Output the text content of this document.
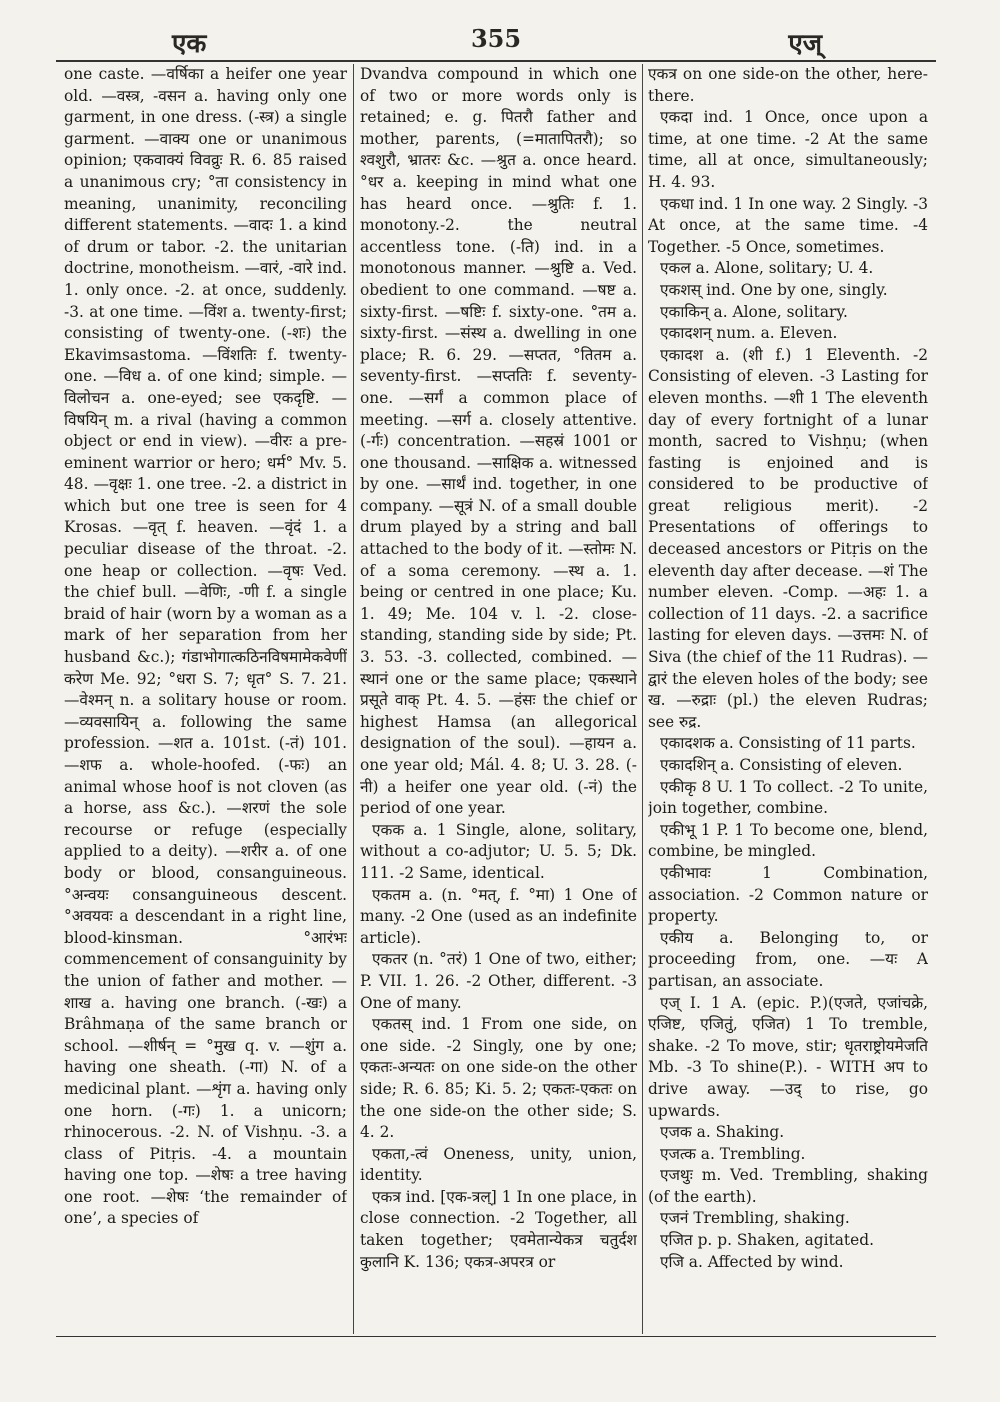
एक	355	एज्

one caste. —वर्षिका a heifer one year old. —वस्त्र, -वसन a. having only one garment, in one dress. (-स्त्र) a single garment. —वाक्य one or unanimous opinion; एकवाक्यं विवव्रुः R. 6. 85 raised a unanimous cry; °ता consistency in meaning, unanimity, reconciling different statements. —वादः 1. a kind of drum or tabor. -2. the unitarian doctrine, monotheism. —वारं, -वारे ind. 1. only once. -2. at once, suddenly. -3. at one time. —विंश a. twenty-first; consisting of twenty-one. (-शः) the Ekavimsastoma. —विंशतिः f. twenty-one. —विध a. of one kind; simple. —विलोचन a. one-eyed; see एकदृष्टि. —विषयिन् m. a rival (having a common object or end in view). —वीरः a pre-eminent warrior or hero; धर्म° Mv. 5. 48. —वृक्षः 1. one tree. -2. a district in which but one tree is seen for 4 Krosas. —वृत् f. heaven. —वृंदं 1. a peculiar disease of the throat. -2. one heap or collection. —वृषः Ved. the chief bull. —वेणिः, -णी f. a single braid of hair (worn by a woman as a mark of her separation from her husband &c.); गंडाभोगात्कठिनविषमामेकवेणीं करेण Me. 92; °धरा S. 7; धृत° S. 7. 21. —वेश्मन् n. a solitary house or room. —व्यवसायिन् a. following the same profession. —शत a. 101st. (-तं) 101. —शफ a. whole-hoofed. (-फः) an animal whose hoof is not cloven (as a horse, ass &c.). —शरणं the sole recourse or refuge (especially applied to a deity). —शरीर a. of one body or blood, consanguineous. °अन्वयः consanguineous descent. °अवयवः a descendant in a right line, blood-kinsman. °आरंभः commencement of consanguinity by the union of father and mother. —शाख a. having one branch. (-खः) a Brâhmaṇa of the same branch or school. —शीर्षन् = °मुख q. v. —शुंग a. having one sheath. (-गा) N. of a medicinal plant. —शृंग a. having only one horn. (-गः) 1. a unicorn; rhinocerous. -2. N. of Vishṇu. -3. a class of Pitṛis. -4. a mountain having one top. —शेषः a tree having one root. —शेषः ‘the remainder of one’, a species of

Dvandva compound in which one of two or more words only is retained; e. g. पितरौ father and mother, parents, (=मातापितरौ); so श्वशुरौ, भ्रातरः &c. —श्रुत a. once heard. °धर a. keeping in mind what one has heard once. —श्रुतिः f. 1. monotony.-2. the neutral accentless tone. (-ति) ind. in a monotonous manner. —श्रुष्टि a. Ved. obedient to one command. —षष्ट a. sixty-first. —षष्टिः f. sixty-one. °तम a. sixty-first. —संस्थ a. dwelling in one place; R. 6. 29. —सप्तत, °तितम a. seventy-first. —सप्ततिः f. seventy-one. —सर्गं a common place of meeting. —सर्ग a. closely attentive. (-र्गः) concentration. —सहस्रं 1001 or one thousand. —साक्षिक a. witnessed by one. —सार्थं ind. together, in one company. —सूत्रं N. of a small double drum played by a string and ball attached to the body of it. —स्तोमः N. of a soma ceremony. —स्थ a. 1. being or centred in one place; Ku. 1. 49; Me. 104 v. l. -2. close-standing, standing side by side; Pt. 3. 53. -3. collected, combined. —स्थानं one or the same place; एकस्थाने प्रसूते वाक् Pt. 4. 5. —हंसः the chief or highest Hamsa (an allegorical designation of the soul). —हायन a. one year old; Mál. 4. 8; U. 3. 28. (-नी) a heifer one year old. (-नं) the period of one year.

एकक a. 1 Single, alone, solitary, without a co-adjutor; U. 5. 5; Dk. 111. -2 Same, identical.

एकतम a. (n. °मत्, f. °मा) 1 One of many. -2 One (used as an indefinite article).

एकतर (n. °तरं) 1 One of two, either; P. VII. 1. 26. -2 Other, different. -3 One of many.

एकतस् ind. 1 From one side, on one side. -2 Singly, one by one; एकतः-अन्यतः on one side-on the other side; R. 6. 85; Ki. 5. 2; एकतः-एकतः on the one side-on the other side; S. 4. 2.

एकता,-त्वं Oneness, unity, union, identity.

एकत्र ind. [एक-त्रल्] 1 In one place, in close connection. -2 Together, all taken together; एवमेतान्येकत्र चतुर्दश कुलानि K. 136; एकत्र-अपरत्र or

एकत्र on one side-on the other, here-there.

एकदा ind. 1 Once, once upon a time, at one time. -2 At the same time, all at once, simultaneously; H. 4. 93.

एकधा ind. 1 In one way. 2 Singly. -3 At once, at the same time. -4 Together. -5 Once, sometimes.

एकल a. Alone, solitary; U. 4.

एकशस् ind. One by one, singly.

एकाकिन् a. Alone, solitary.

एकादशन् num. a. Eleven.

एकादश a. (शी f.) 1 Eleventh. -2 Consisting of eleven. -3 Lasting for eleven months. —शी 1 The eleventh day of every fortnight of a lunar month, sacred to Vishṇu; (when fasting is enjoined and is considered to be productive of great religious merit). -2 Presentations of offerings to deceased ancestors or Pitṛis on the eleventh day after decease. —शं The number eleven. -Comp. —अहः 1. a collection of 11 days. -2. a sacrifice lasting for eleven days. —उत्तमः N. of Siva (the chief of the 11 Rudras). —द्वारं the eleven holes of the body; see ख. —रुद्राः (pl.) the eleven Rudras; see रुद्र.

एकादशक a. Consisting of 11 parts.

एकादशिन् a. Consisting of eleven.

एकीकृ 8 U. 1 To collect. -2 To unite, join together, combine.

एकीभू 1 P. 1 To become one, blend, combine, be mingled.

एकीभावः 1 Combination, association. -2 Common nature or property.

एकीय a. Belonging to, or proceeding from, one. —यः A partisan, an associate.

एज् I. 1 A. (epic. P.)(एजते, एजांचक्रे, एजिष्ट, एजितुं, एजित) 1 To tremble, shake. -2 To move, stir; धृतराष्ट्रोयमेजति Mb. -3 To shine(P.). - WITH अप to drive away. —उद् to rise, go upwards.

एजक a. Shaking.

एजत्क a. Trembling.

एजथुः m. Ved. Trembling, shaking (of the earth).

एजनं Trembling, shaking.

एजित p. p. Shaken, agitated.

एजि a. Affected by wind.
